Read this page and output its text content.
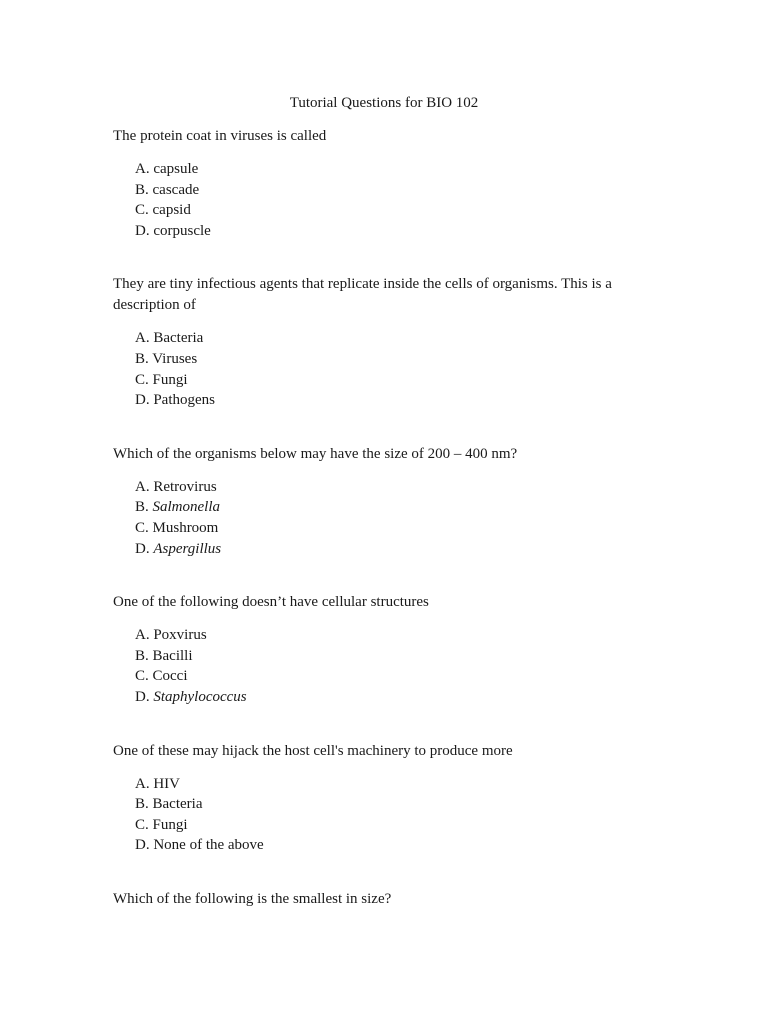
Tutorial Questions for BIO 102
The protein coat in viruses is called
A. capsule
B. cascade
C. capsid
D. corpuscle
They are tiny infectious agents that replicate inside the cells of organisms. This is a description of
A. Bacteria
B. Viruses
C. Fungi
D. Pathogens
Which of the organisms below may have the size of 200 – 400 nm?
A. Retrovirus
B. Salmonella
C. Mushroom
D. Aspergillus
One of the following doesn’t have cellular structures
A. Poxvirus
B. Bacilli
C. Cocci
D. Staphylococcus
One of these may hijack the host cell's machinery to produce more
A. HIV
B. Bacteria
C. Fungi
D. None of the above
Which of the following is the smallest in size?
